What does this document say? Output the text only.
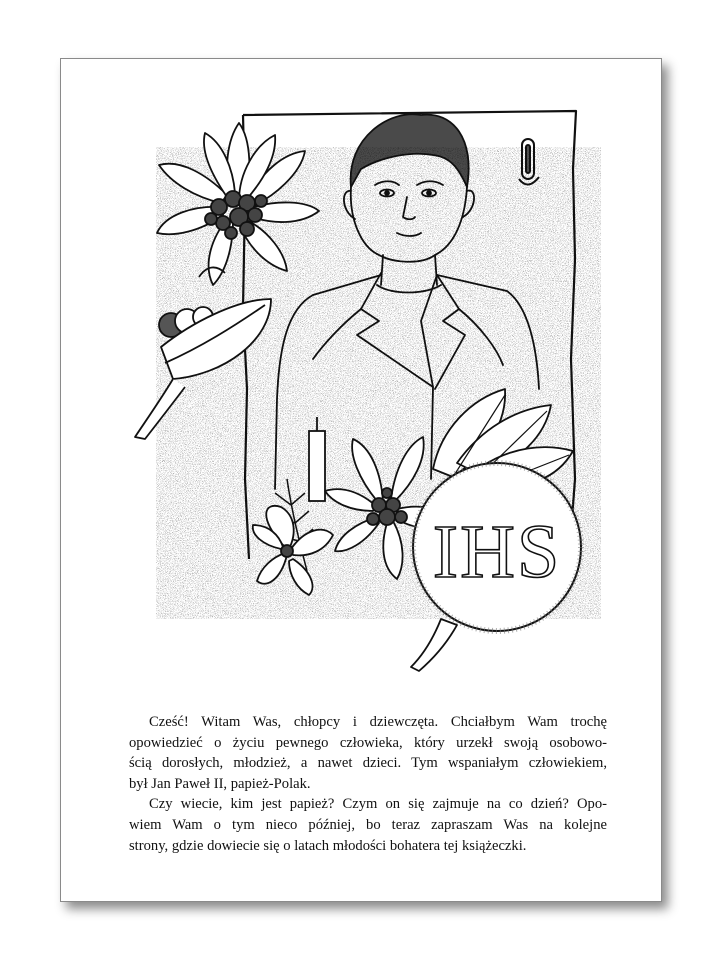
IHS

Cześć! Witam Was, chłopcy i dziewczęta. Chciałbym Wam trochę
opowiedzieć o życiu pewnego człowieka, który urzekł swoją osobowo-
ścią dorosłych, młodzież, a nawet dzieci. Tym wspaniałym człowiekiem,
był Jan Paweł II, papież-Polak.

Czy wiecie, kim jest papież? Czym on się zajmuje na co dzień? Opo-
wiem Wam o tym nieco później, bo teraz zapraszam Was na kolejne
strony, gdzie dowiecie się o latach młodości bohatera tej książeczki.
